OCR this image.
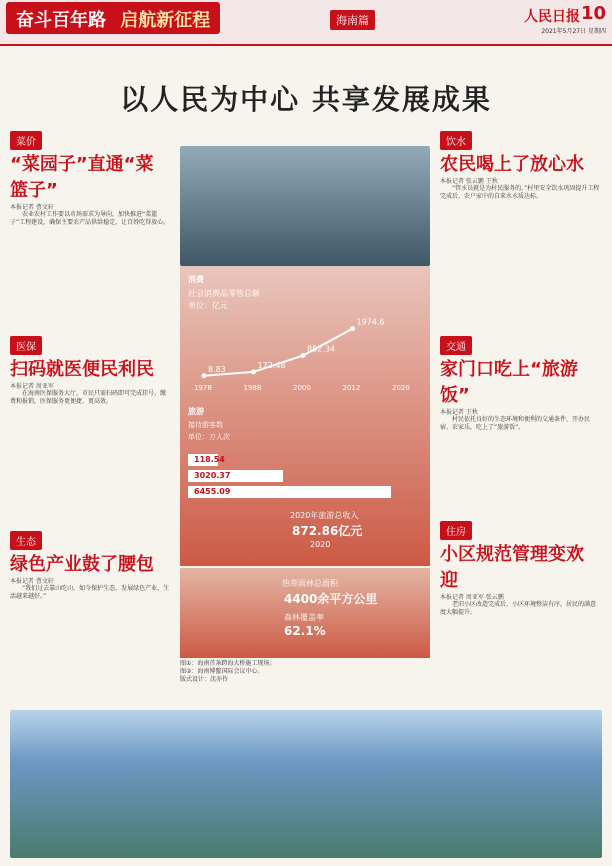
奋斗百年路 启航新征程	海南篇	人民日报 10
2021年5月27日 星期四
以人民为中心 共享发展成果
菜价
“菜园子”直通“菜篮子”
本报记者 曹文轩
农业农村工作要以市场需求为导向，加快推进“菜篮子”工程建设，确保主要农产品供给稳定，让百姓吃得放心。
医保
扫码就医便民利民
本报记者 周亚军
在海南医保服务大厅，市民只需扫码即可完成挂号、缴费和报销，医保服务更便捷、更高效。
生态
绿色产业鼓了腰包
本报记者 曹文轩
“我们过去靠山吃山，如今保护生态，发展绿色产业，生活越来越好。”
消费
社会消费品零售总额
单位：亿元
8.83	172.48
852.34
1974.6
1978	1988	2000	2012	2020
旅游
接待游客数
单位：万人次
118.54
3020.37
6455.09
2020年旅游总收入
872.86亿元
2020
热带雨林总面积
4400余平方公里
森林覆盖率
62.1%
图①：海南首条跨海大桥施工现场。
图②：海南博鳌国际会议中心。
版式设计：沈亦伶
饮水
农民喝上了放心水
本报记者 张云鹏 王秋
“管水员就是为村民服务的。”村里安全饮水巩固提升工程完成后，农户家中的自来水水质达标。
交通
家门口吃上“旅游饭”
本报记者 王秋
村民依托良好的生态环境和便利的交通条件，开办民宿、农家乐，吃上了“旅游饭”。
住房
小区规范管理变欢迎
本报记者 周亚军 张云鹏
老旧小区改造完成后，小区环境整洁有序，居民的满意度大幅提升。
